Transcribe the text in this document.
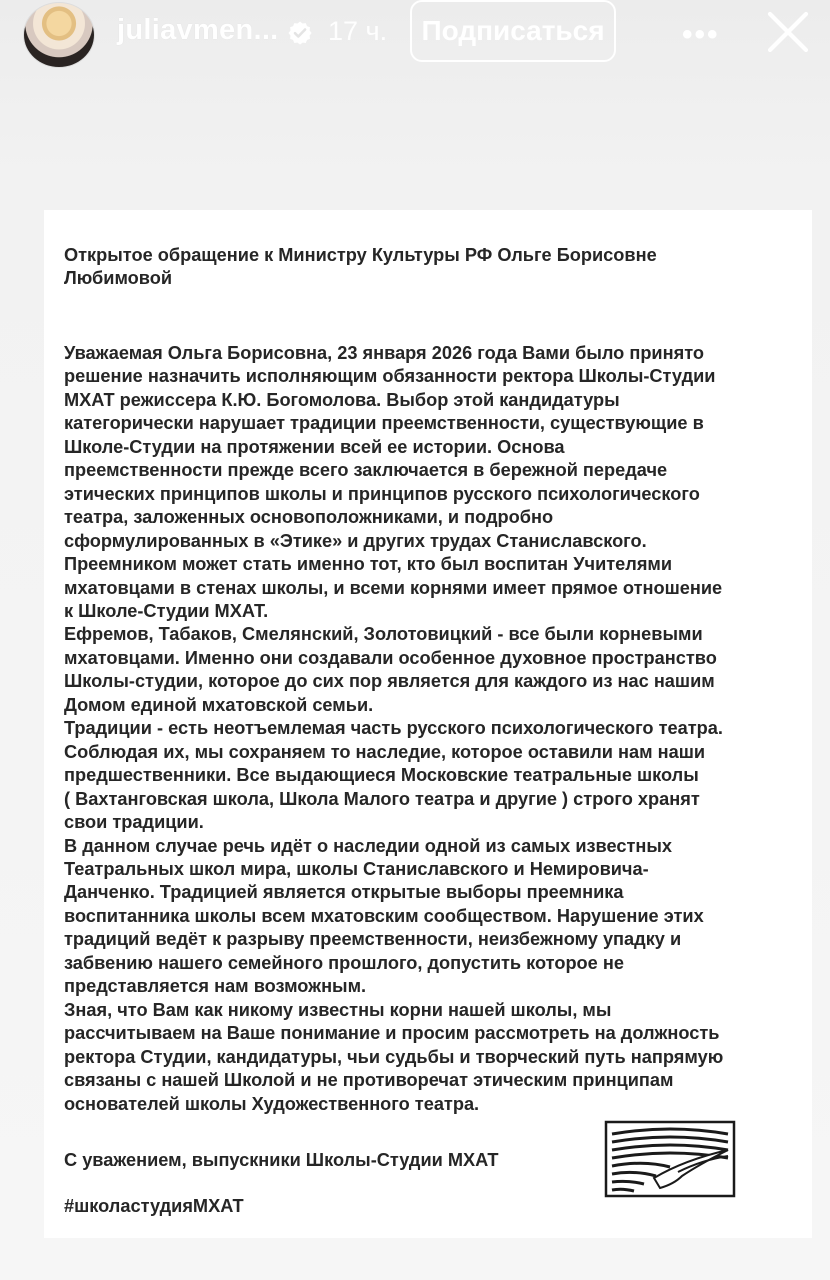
juliavmen... 17 ч.	Подписаться	•••
Открытое обращение к Министру Культуры РФ Ольге Борисовне
Любимовой

Уважаемая Ольга Борисовна, 23 января 2026 года Вами было принято

решение назначить исполняющим обязанности ректора Школы-Студии

МХАТ режиссера К.Ю. Богомолова. Выбор этой кандидатуры

категорически нарушает традиции преемственности, существующие в

Школе-Студии на протяжении всей ее истории. Основа

преемственности прежде всего заключается в бережной передаче

этических принципов школы и принципов русского психологического

театра, заложенных основоположниками, и подробно

сформулированных в «Этике» и других трудах Станиславского.

Преемником может стать именно тот, кто был воспитан Учителями

мхатовцами в стенах школы, и всеми корнями имеет прямое отношение

к Школе-Студии МХАТ.

Ефремов, Табаков, Смелянский, Золотовицкий - все были корневыми

мхатовцами. Именно они создавали особенное духовное пространство

Школы-студии, которое до сих пор является для каждого из нас нашим

Домом единой мхатовской семьи.

Традиции - есть неотъемлемая часть русского психологического театра.

Соблюдая их, мы сохраняем то наследие, которое оставили нам наши

предшественники. Все выдающиеся Московские театральные школы

( Вахтанговская школа, Школа Малого театра и другие ) строго хранят

свои традиции.

В данном случае речь идёт о наследии одной из самых известных

Театральных школ мира, школы Станиславского и Немировича-

Данченко. Традицией является открытые выборы преемника

воспитанника школы всем мхатовским сообществом. Нарушение этих

традиций ведёт к разрыву преемственности, неизбежному упадку и

забвению нашего семейного прошлого, допустить которое не

представляется нам возможным.

Зная, что Вам как никому известны корни нашей школы, мы

рассчитываем на Ваше понимание и просим рассмотреть на должность

ректора Студии, кандидатуры, чьи судьбы и творческий путь напрямую

связаны с нашей Школой и не противоречат этическим принципам

основателей школы Художественного театра.

С уважением, выпускники Школы-Студии МХАТ
#школастудияМХАТ
